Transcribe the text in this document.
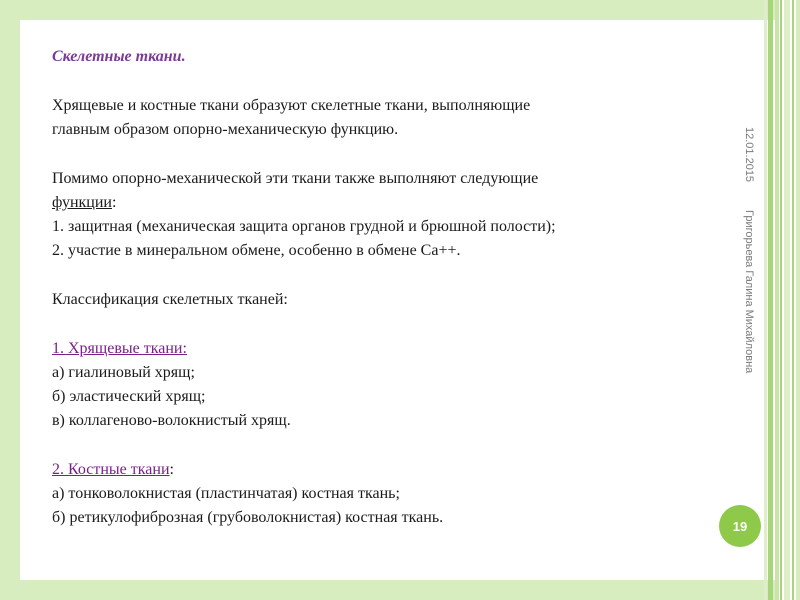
Скелетные ткани.
Хрящевые и костные ткани образуют скелетные ткани, выполняющие
главным образом опорно-механическую функцию.
Помимо опорно-механической эти ткани также выполняют следующие
функции:
1. защитная (механическая защита органов грудной и брюшной полости);
2. участие в минеральном обмене, особенно в обмене Са++.
Классификация скелетных тканей:
1. Хрящевые ткани:
а) гиалиновый хрящ;
б) эластический хрящ;
в) коллагеново-волокнистый хрящ.
2. Костные ткани:
а) тонковолокнистая (пластинчатая) костная ткань;
б) ретикулофиброзная (грубоволокнистая) костная ткань.
12.01.2015
Григорьева Галина Михайловна
19
